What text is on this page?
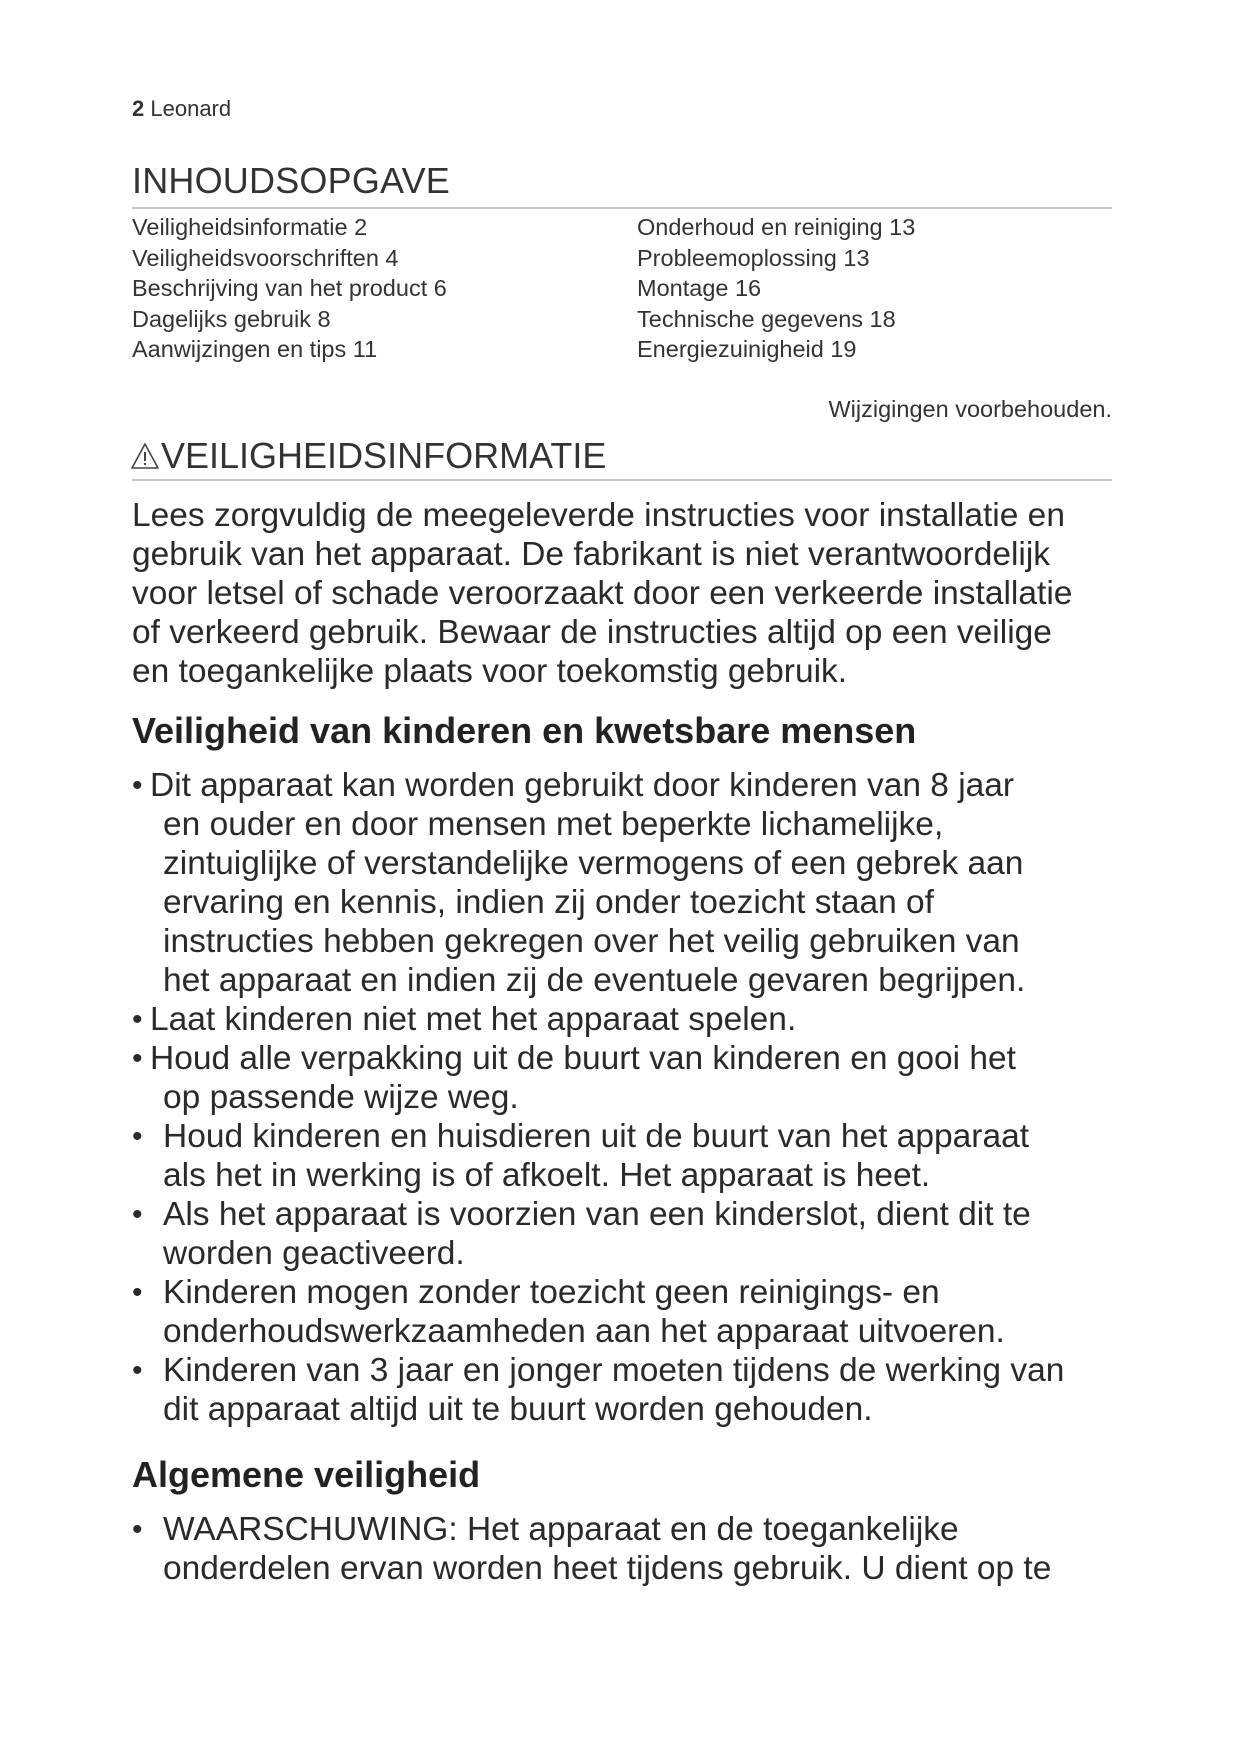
2 Leonard
INHOUDSOPGAVE
Veiligheidsinformatie 2
Veiligheidsvoorschriften 4
Beschrijving van het product 6
Dagelijks gebruik 8
Aanwijzingen en tips 11
Onderhoud en reiniging 13
Probleemoplossing 13
Montage 16
Technische gegevens 18
Energiezuinigheid 19
Wijzigingen voorbehouden.
VEILIGHEIDSINFORMATIE

Lees zorgvuldig de meegeleverde instructies voor installatie en
gebruik van het apparaat. De fabrikant is niet verantwoordelijk
voor letsel of schade veroorzaakt door een verkeerde installatie
of verkeerd gebruik. Bewaar de instructies altijd op een veilige
en toegankelijke plaats voor toekomstig gebruik.

Veiligheid van kinderen en kwetsbare mensen
• Dit apparaat kan worden gebruikt door kinderen van 8 jaar
en ouder en door mensen met beperkte lichamelijke,
zintuiglijke of verstandelijke vermogens of een gebrek aan
ervaring en kennis, indien zij onder toezicht staan of
instructies hebben gekregen over het veilig gebruiken van
het apparaat en indien zij de eventuele gevaren begrijpen.
• Laat kinderen niet met het apparaat spelen.
• Houd alle verpakking uit de buurt van kinderen en gooi het
op passende wijze weg.
• Houd kinderen en huisdieren uit de buurt van het apparaat
als het in werking is of afkoelt. Het apparaat is heet.
• Als het apparaat is voorzien van een kinderslot, dient dit te
worden geactiveerd.
• Kinderen mogen zonder toezicht geen reinigings- en
onderhoudswerkzaamheden aan het apparaat uitvoeren.
• Kinderen van 3 jaar en jonger moeten tijdens de werking van
dit apparaat altijd uit te buurt worden gehouden.
Algemene veiligheid
• WAARSCHUWING: Het apparaat en de toegankelijke
onderdelen ervan worden heet tijdens gebruik. U dient op te
